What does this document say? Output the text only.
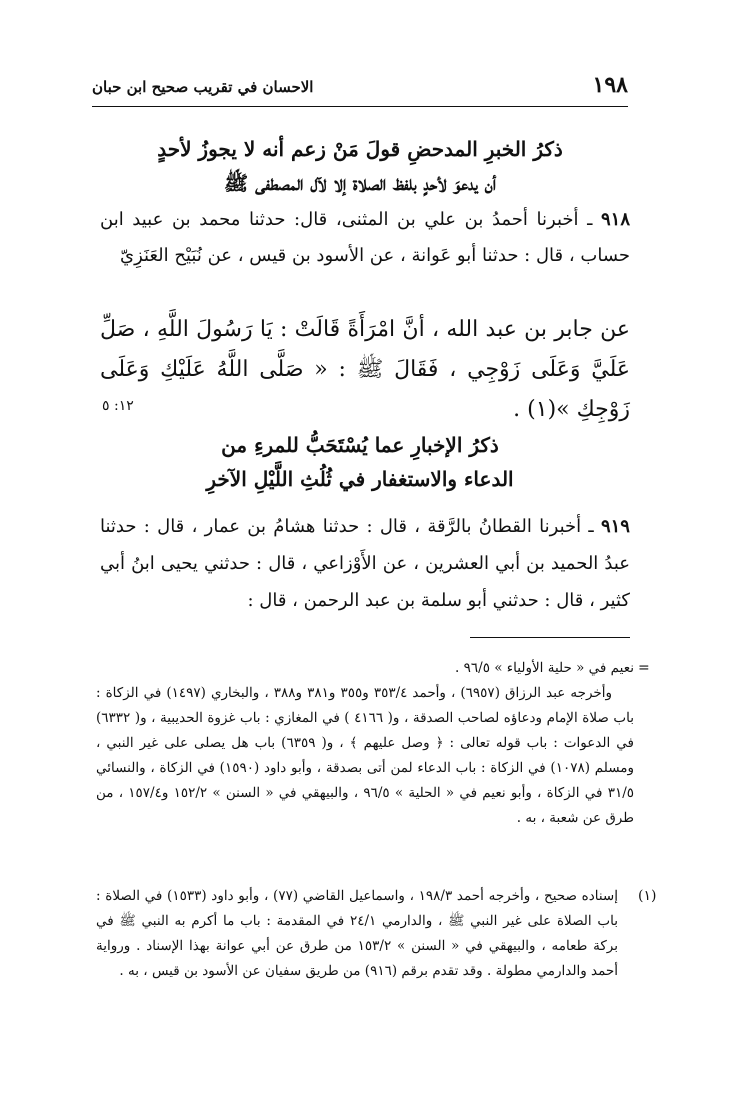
١٩٨
الاحسان في تقريب صحيح ابن حبان
ذكرُ الخبرِ المدحضِ قولَ مَنْ زعم أنه لا يجوزُ لأحدٍ
أن يدعوَ لأحدٍ بلفظ الصلاة إلا لآل المصطفى ﷺ
٩١٨ ـ أخبرنا أحمدُ بن علي بن المثنى، قال: حدثنا محمد بن عبيد ابن حساب ، قال : حدثنا أبو عَوانة ، عن الأسود بن قيس ، عن نُبَيْح العَنَزِيّ
عن جابر بن عبد الله ، أنَّ امْرَأَةً قَالَتْ : يَا رَسُولَ اللَّهِ ، صَلِّ عَلَيَّ وَعَلَى زَوْجِي ، فَقَالَ ﷺ : « صَلَّى اللَّهُ عَلَيْكِ وَعَلَى زَوْجِكِ »(١) .
١٢: ٥
ذكرُ الإخبارِ عما يُسْتَحَبُّ للمرءِ من
الدعاء والاستغفار في ثُلُثِ اللَّيْلِ الآخرِ
٩١٩ ـ أخبرنا القطانُ بالرَّقة ، قال : حدثنا هشامُ بن عمار ، قال : حدثنا عبدُ الحميد بن أبي العشرين ، عن الأَوْزاعي ، قال : حدثني يحيى ابنُ أبي كثير ، قال : حدثني أبو سلمة بن عبد الرحمن ، قال :
=

نعيم في « حلية الأولياء » ٩٦/٥ .

وأخرجه عبد الرزاق (٦٩٥٧) ، وأحمد ٣٥٣/٤ و٣٥٥ و٣٨١ و٣٨٨ ، والبخاري (١٤٩٧) في الزكاة : باب صلاة الإمام ودعاؤه لصاحب الصدقة ، و( ٤١٦٦ ) في المغازي : باب غزوة الحديبية ، و( ٦٣٣٢) في الدعوات : باب قوله تعالى : ﴿ وصل عليهم ﴾ ، و( ٦٣٥٩) باب هل يصلى على غير النبي ، ومسلم (١٠٧٨) في الزكاة : باب الدعاء لمن أتى بصدقة ، وأبو داود (١٥٩٠) في الزكاة ، والنسائي ٣١/٥ في الزكاة ، وأبو نعيم في « الحلية » ٩٦/٥ ، والبيهقي في « السنن » ١٥٢/٢ و١٥٧/٤ ، من طرق عن شعبة ، به .

(١)
إسناده صحيح ، وأخرجه أحمد ١٩٨/٣ ، واسماعيل القاضي (٧٧) ، وأبو داود (١٥٣٣) في الصلاة : باب الصلاة على غير النبي ﷺ ، والدارمي ٢٤/١ في المقدمة : باب ما أكرم به النبي ﷺ في بركة طعامه ، والبيهقي في « السنن » ١٥٣/٢ من طرق عن أبي عوانة بهذا الإسناد . ورواية أحمد والدارمي مطولة . وقد تقدم برقم (٩١٦) من طريق سفيان عن الأسود بن قيس ، به .
